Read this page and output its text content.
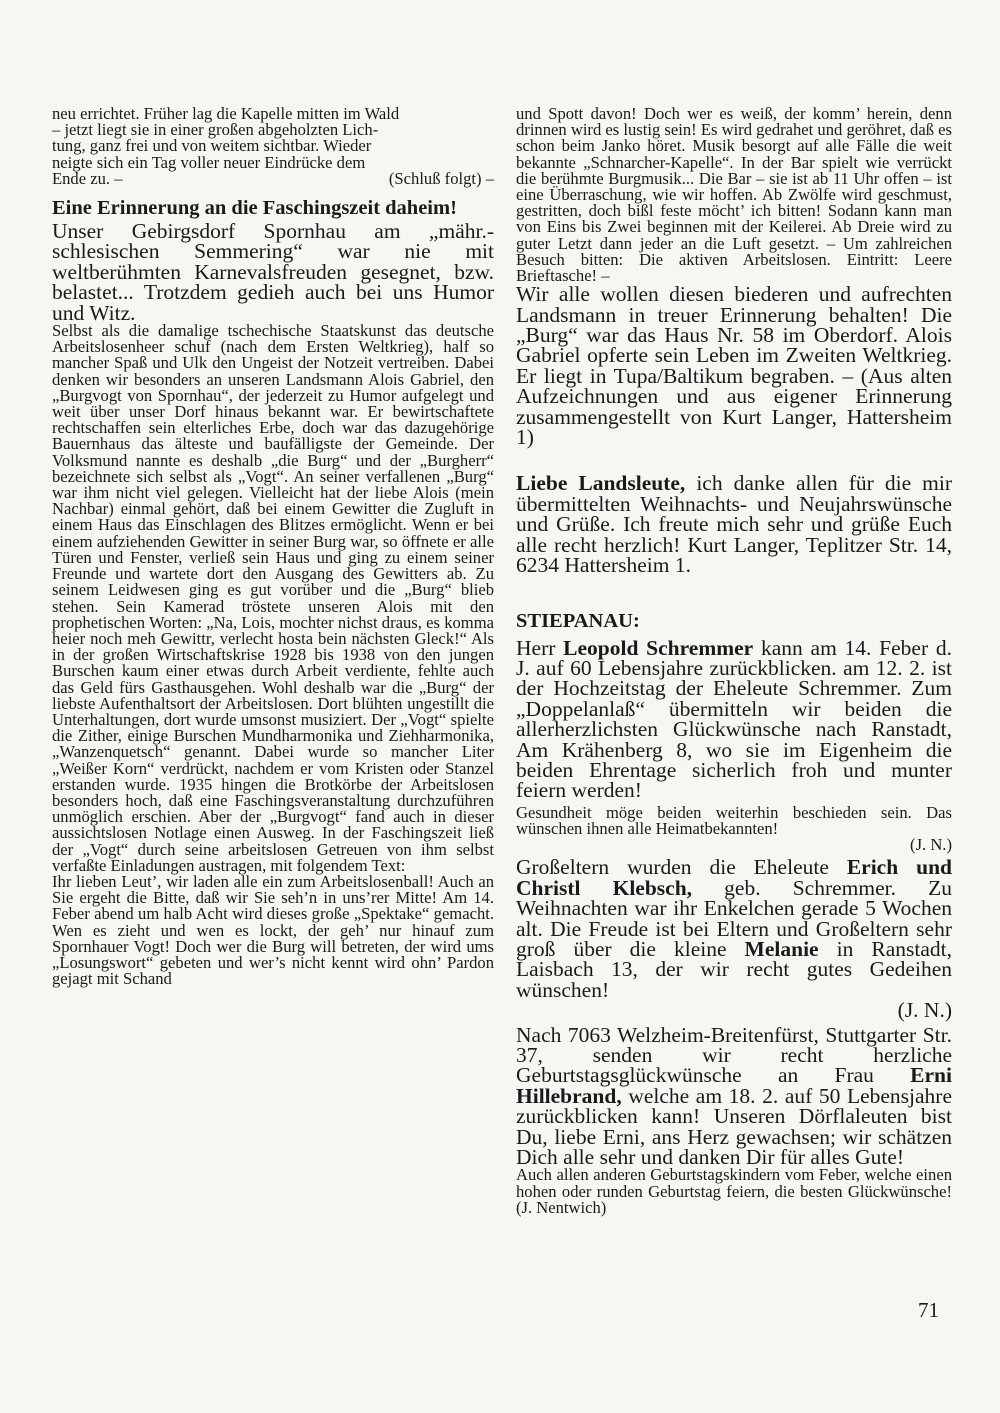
neu errichtet. Früher lag die Kapelle mitten im Wald
– jetzt liegt sie in einer großen abgeholzten Lich-
tung, ganz frei und von weitem sichtbar. Wieder
neigte sich ein Tag voller neuer Eindrücke dem
Ende zu. –	(Schluß folgt) –
Eine Erinnerung an die Faschingszeit daheim!

Unser Gebirgsdorf Spornhau am „mähr.-schlesischen Semmering“ war nie mit weltberühmten Karnevalsfreuden gesegnet, bzw. belastet... Trotzdem gedieh auch bei uns Humor und Witz.

Selbst als die damalige tschechische Staatskunst das deutsche Arbeitslosenheer schuf (nach dem Ersten Weltkrieg), half so mancher Spaß und Ulk den Ungeist der Notzeit vertreiben. Dabei denken wir besonders an unseren Landsmann Alois Gabriel, den „Burgvogt von Spornhau“, der jederzeit zu Humor aufgelegt und weit über unser Dorf hinaus bekannt war. Er bewirtschaftete rechtschaffen sein elterliches Erbe, doch war das dazugehörige Bauernhaus das älteste und baufälligste der Gemeinde. Der Volksmund nannte es deshalb „die Burg“ und der „Burgherr“ bezeichnete sich selbst als „Vogt“. An seiner verfallenen „Burg“ war ihm nicht viel gelegen. Vielleicht hat der liebe Alois (mein Nachbar) einmal gehört, daß bei einem Gewitter die Zugluft in einem Haus das Einschlagen des Blitzes ermöglicht. Wenn er bei einem aufziehenden Gewitter in seiner Burg war, so öffnete er alle Türen und Fenster, verließ sein Haus und ging zu einem seiner Freunde und wartete dort den Ausgang des Gewitters ab. Zu seinem Leidwesen ging es gut vorüber und die „Burg“ blieb stehen. Sein Kamerad tröstete unseren Alois mit den prophetischen Worten: „Na, Lois, mochter nichst draus, es komma heier noch meh Gewittr, verlecht hosta bein nächsten Gleck!“ Als in der großen Wirtschaftskrise 1928 bis 1938 von den jungen Burschen kaum einer etwas durch Arbeit verdiente, fehlte auch das Geld fürs Gasthausgehen. Wohl deshalb war die „Burg“ der liebste Aufenthaltsort der Arbeitslosen. Dort blühten ungestillt die Unterhaltungen, dort wurde umsonst musiziert. Der „Vogt“ spielte die Zither, einige Burschen Mundharmonika und Ziehharmonika, „Wanzenquetsch“ genannt. Dabei wurde so mancher Liter „Weißer Korn“ verdrückt, nachdem er vom Kristen oder Stanzel erstanden wurde. 1935 hingen die Brotkörbe der Arbeitslosen besonders hoch, daß eine Faschingsveranstaltung durchzuführen unmöglich erschien. Aber der „Burgvogt“ fand auch in dieser aussichtslosen Notlage einen Ausweg. In der Faschingszeit ließ der „Vogt“ durch seine arbeitslosen Getreuen von ihm selbst verfaßte Einladungen austragen, mit folgendem Text:

Ihr lieben Leut’, wir laden alle ein zum Arbeitslosenball! Auch an Sie ergeht die Bitte, daß wir Sie seh’n in uns’rer Mitte! Am 14. Feber abend um halb Acht wird dieses große „Spektake“ gemacht. Wen es zieht und wen es lockt, der geh’ nur hinauf zum Spornhauer Vogt! Doch wer die Burg will betreten, der wird ums „Losungswort“ gebeten und wer’s nicht kennt wird ohn’ Pardon gejagt mit Schand

und Spott davon! Doch wer es weiß, der komm’ herein, denn drinnen wird es lustig sein! Es wird gedrahet und geröhret, daß es schon beim Janko höret. Musik besorgt auf alle Fälle die weit bekannte „Schnarcher-Kapelle“. In der Bar spielt wie verrückt die berühmte Burgmusik... Die Bar – sie ist ab 11 Uhr offen – ist eine Überraschung, wie wir hoffen. Ab Zwölfe wird geschmust, gestritten, doch bißl feste möcht’ ich bitten! Sodann kann man von Eins bis Zwei beginnen mit der Keilerei. Ab Dreie wird zu guter Letzt dann jeder an die Luft gesetzt. – Um zahlreichen Besuch bitten: Die aktiven Arbeitslosen. Eintritt: Leere Brieftasche! –

Wir alle wollen diesen biederen und aufrechten Landsmann in treuer Erinnerung behalten! Die „Burg“ war das Haus Nr. 58 im Oberdorf. Alois Gabriel opferte sein Leben im Zweiten Weltkrieg. Er liegt in Tupa/Baltikum begraben. – (Aus alten Aufzeichnungen und aus eigener Erinnerung zusammengestellt von Kurt Langer, Hattersheim 1)

Liebe Landsleute, ich danke allen für die mir übermittelten Weihnachts- und Neujahrswünsche und Grüße. Ich freute mich sehr und grüße Euch alle recht herzlich! Kurt Langer, Teplitzer Str. 14, 6234 Hattersheim 1.

STIEPANAU:

Herr Leopold Schremmer kann am 14. Feber d. J. auf 60 Lebensjahre zurückblicken. am 12. 2. ist der Hochzeitstag der Eheleute Schremmer. Zum „Doppelanlaß“ übermitteln wir beiden die allerherzlichsten Glückwünsche nach Ranstadt, Am Krähenberg 8, wo sie im Eigenheim die beiden Ehrentage sicherlich froh und munter feiern werden!

Gesundheit möge beiden weiterhin beschieden sein. Das wünschen ihnen alle Heimatbekannten!

(J. N.)

Großeltern wurden die Eheleute Erich und Christl Klebsch, geb. Schremmer. Zu Weihnachten war ihr Enkelchen gerade 5 Wochen alt. Die Freude ist bei Eltern und Großeltern sehr groß über die kleine Melanie in Ranstadt, Laisbach 13, der wir recht gutes Gedeihen wünschen!

(J. N.)

Nach 7063 Welzheim-Breitenfürst, Stuttgarter Str. 37, senden wir recht herzliche Geburtstagsglückwünsche an Frau Erni Hillebrand, welche am 18. 2. auf 50 Lebensjahre zurückblicken kann! Unseren Dörflaleuten bist Du, liebe Erni, ans Herz gewachsen; wir schätzen Dich alle sehr und danken Dir für alles Gute!

Auch allen anderen Geburtstagskindern vom Feber, welche einen hohen oder runden Geburtstag feiern, die besten Glückwünsche! (J. Nentwich)

71
